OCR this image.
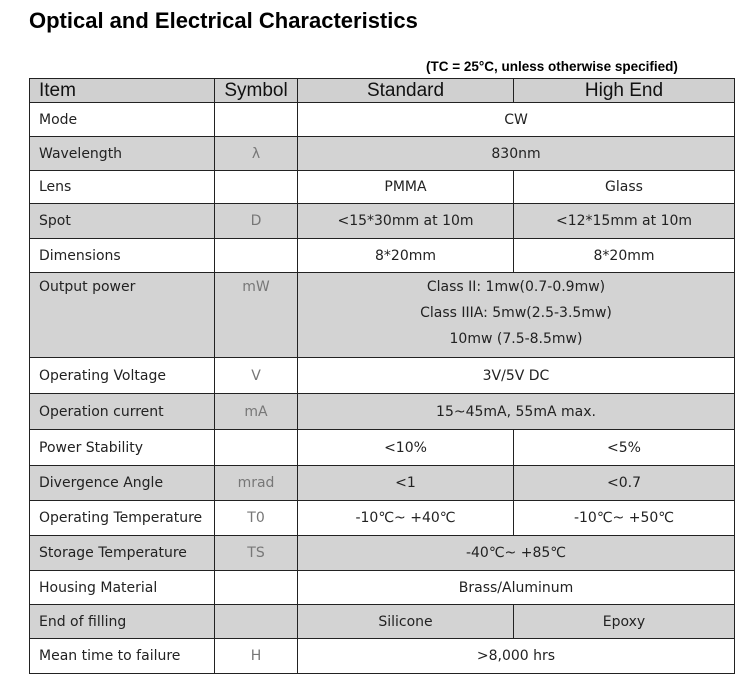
Optical and Electrical Characteristics
(TC = 25°C, unless otherwise specified)
Item	Symbol	Standard	High End
Mode		CW	
Wavelength	λ	830nm	
Lens		PMMA	Glass
Spot	D	<15*30mm at 10m	<12*15mm at 10m
Dimensions		8*20mm	8*20mm
Output power	mW	Class II: 1mw(0.7-0.9mw)
Class IIIA: 5mw(2.5-3.5mw)
10mw (7.5-8.5mw)	

Operating Voltage	V	3V/5V DC	
Operation current	mA	15~45mA, 55mA max.	
Power Stability		<10%	<5%
Divergence Angle	mrad	<1	<0.7
Operating Temperature	T0	-10℃~ +40℃	-10℃~ +50℃
Storage Temperature	TS	-40℃~ +85℃	
Housing Material		Brass/Aluminum	
End of filling		Silicone	Epoxy
Mean time to failure	H	>8,000 hrs	
